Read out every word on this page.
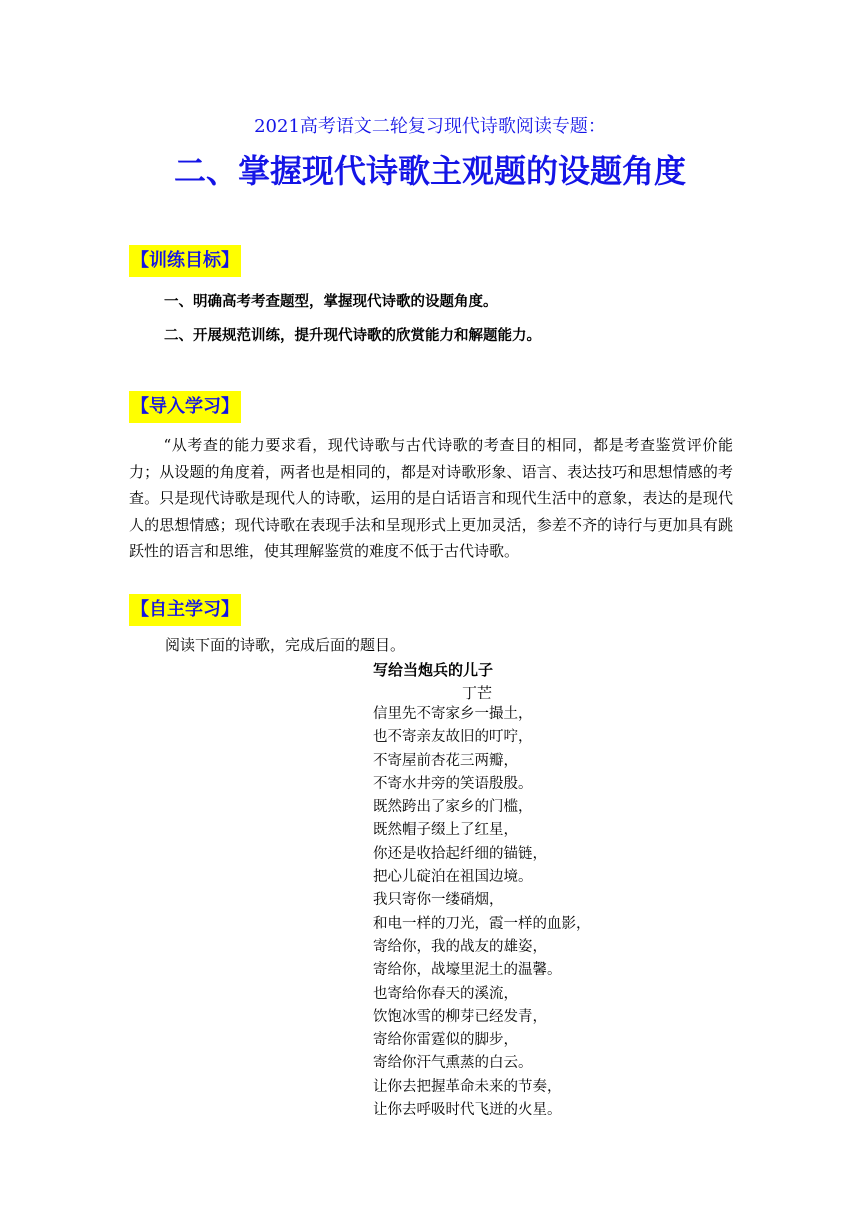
2021高考语文二轮复习现代诗歌阅读专题：
二、掌握现代诗歌主观题的设题角度
【训练目标】
一、明确高考考查题型，掌握现代诗歌的设题角度。
二、开展规范训练，提升现代诗歌的欣赏能力和解题能力。
【导入学习】

“从考查的能力要求看，现代诗歌与古代诗歌的考查目的相同，都是考查鉴赏评价能力；从设题的角度着，两者也是相同的，都是对诗歌形象、语言、表达技巧和思想情感的考查。只是现代诗歌是现代人的诗歌，运用的是白话语言和现代生活中的意象，表达的是现代人的思想情感；现代诗歌在表现手法和呈现形式上更加灵活，参差不齐的诗行与更加具有跳跃性的语言和思维，使其理解鉴赏的难度不低于古代诗歌。

【自主学习】
阅读下面的诗歌，完成后面的题目。
写给当炮兵的儿子
丁芒
信里先不寄家乡一撮土，
也不寄亲友故旧的叮咛，
不寄屋前杏花三两瓣，
不寄水井旁的笑语殷殷。
既然跨出了家乡的门槛，
既然帽子缀上了红星，
你还是收拾起纤细的锚链，
把心儿碇泊在祖国边境。
我只寄你一缕硝烟，
和电一样的刀光，霞一样的血影，
寄给你，我的战友的雄姿，
寄给你，战壕里泥土的温馨。
也寄给你春天的溪流，
饮饱冰雪的柳芽已经发青，
寄给你雷霆似的脚步，
寄给你汗气熏蒸的白云。
让你去把握革命未来的节奏，
让你去呼吸时代飞迸的火星。
